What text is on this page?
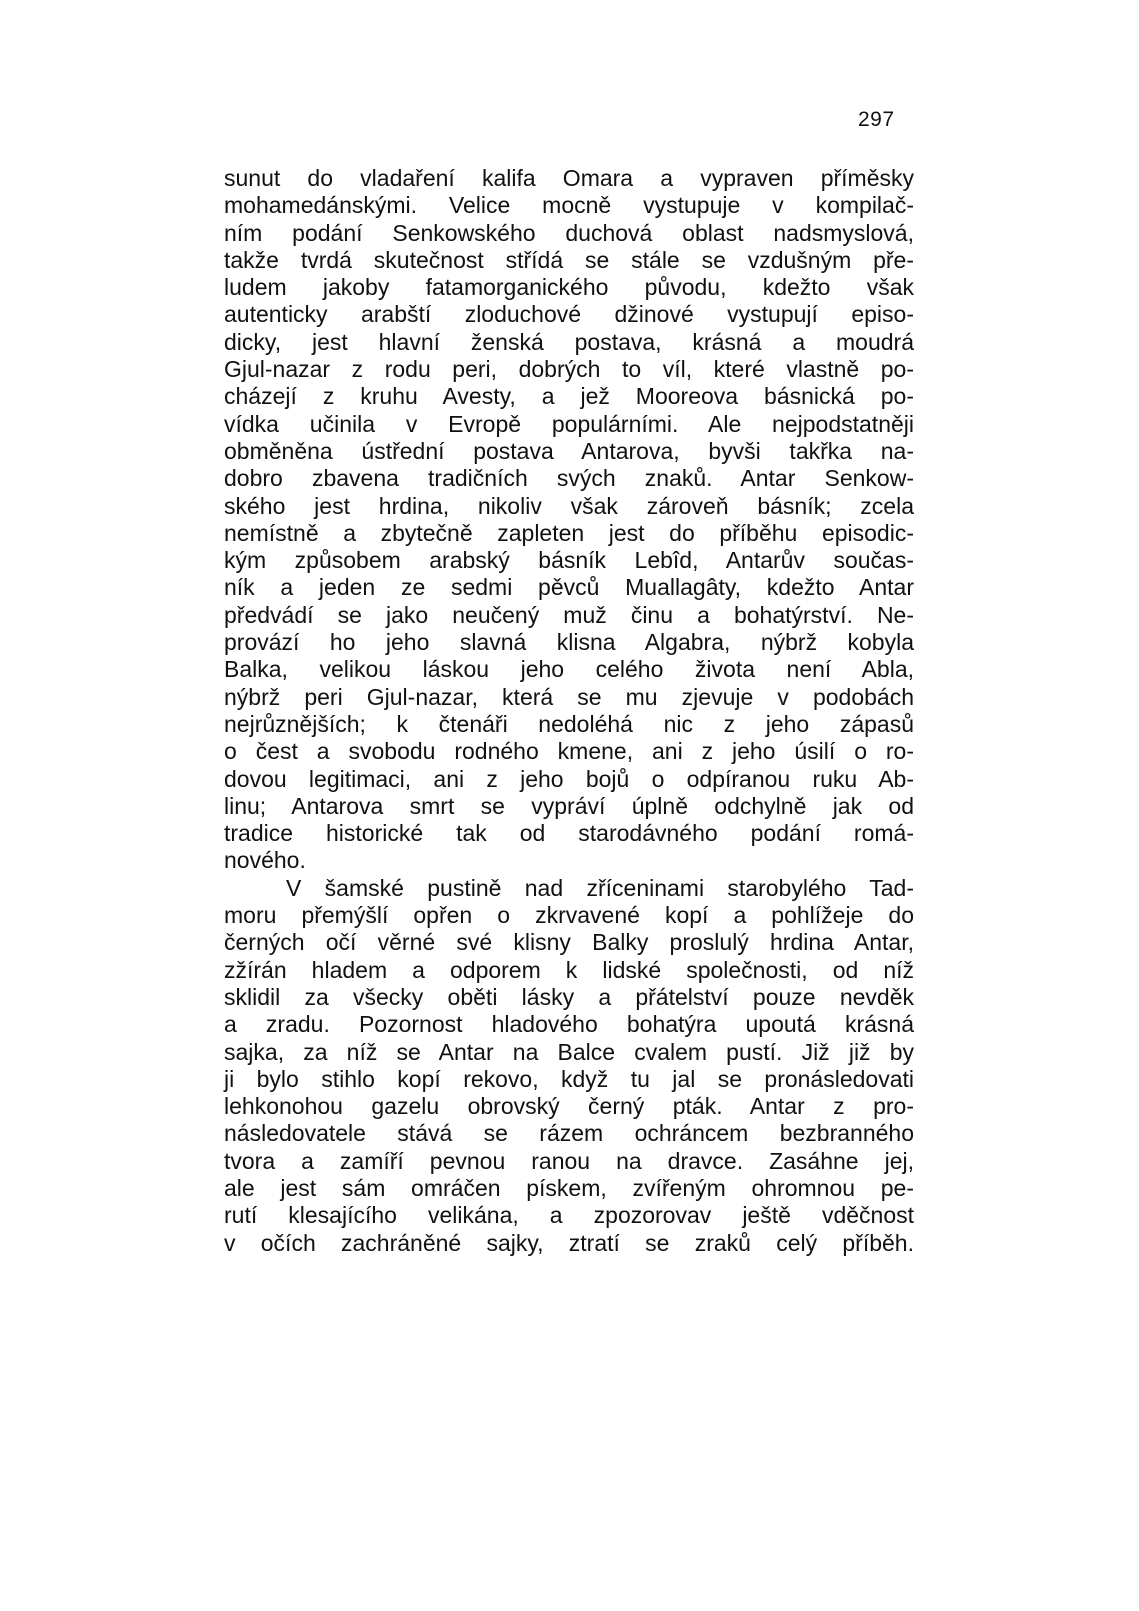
297
sunut do vladaření kalifa Omara a vypraven příměsky
mohamedánskými. Velice mocně vystupuje v kompilač-
ním podání Senkowského duchová oblast nadsmyslová,
takže tvrdá skutečnost střídá se stále se vzdušným pře-
ludem jakoby fatamorganického původu, kdežto však
autenticky arabští zloduchové džinové vystupují episo-
dicky, jest hlavní ženská postava, krásná a moudrá
Gjul-nazar z rodu peri, dobrých to víl, které vlastně po-
cházejí z kruhu Avesty, a jež Mooreova básnická po-
vídka učinila v Evropě populárními. Ale nejpodstatněji
obměněna ústřední postava Antarova, byvši takřka na-
dobro zbavena tradičních svých znaků. Antar Senkow-
ského jest hrdina, nikoliv však zároveň básník; zcela
nemístně a zbytečně zapleten jest do příběhu episodic-
kým způsobem arabský básník Lebîd, Antarův součas-
ník a jeden ze sedmi pěvců Muallagâty, kdežto Antar
předvádí se jako neučený muž činu a bohatýrství. Ne-
provází ho jeho slavná klisna Algabra, nýbrž kobyla
Balka, velikou láskou jeho celého života není Abla,
nýbrž peri Gjul-nazar, která se mu zjevuje v podobách
nejrůznějších; k čtenáři nedoléhá nic z jeho zápasů
o čest a svobodu rodného kmene, ani z jeho úsilí o ro-
dovou legitimaci, ani z jeho bojů o odpíranou ruku Ab-
linu; Antarova smrt se vypráví úplně odchylně jak od
tradice historické tak od starodávného podání romá-
nového.
V šamské pustině nad zříceninami starobylého Tad-
moru přemýšlí opřen o zkrvavené kopí a pohlížeje do
černých očí věrné své klisny Balky proslulý hrdina Antar,
zžírán hladem a odporem k lidské společnosti, od níž
sklidil za všecky oběti lásky a přátelství pouze nevděk
a zradu. Pozornost hladového bohatýra upoutá krásná
sajka, za níž se Antar na Balce cvalem pustí. Již již by
ji bylo stihlo kopí rekovo, když tu jal se pronásledovati
lehkonohou gazelu obrovský černý pták. Antar z pro-
následovatele stává se rázem ochráncem bezbranného
tvora a zamíří pevnou ranou na dravce. Zasáhne jej,
ale jest sám omráčen pískem, zvířeným ohromnou pe-
rutí klesajícího velikána, a zpozorovav ještě vděčnost
v očích zachráněné sajky, ztratí se zraků celý příběh.
